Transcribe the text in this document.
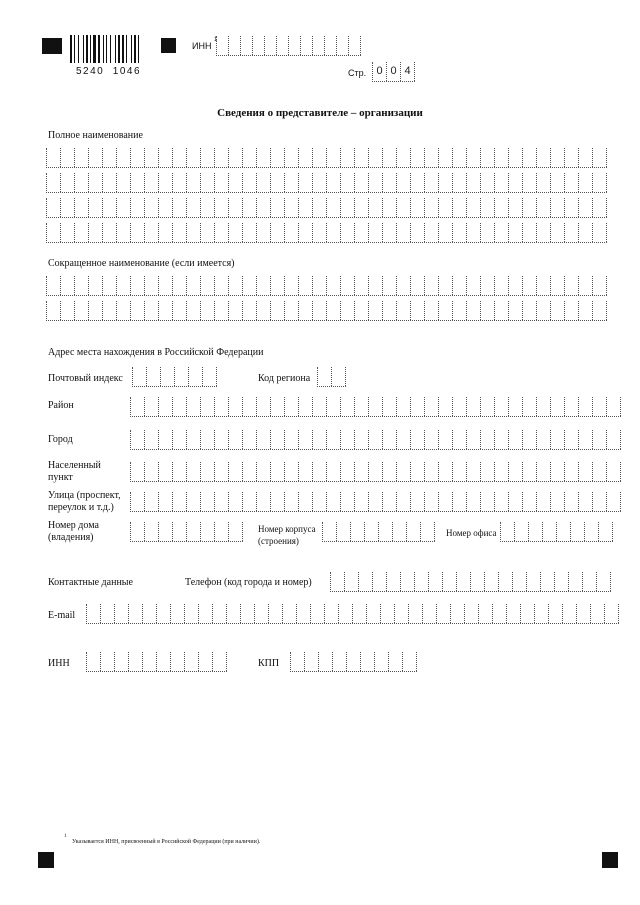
5240  1046
ИНН
1
Стр. 0 0 4
Сведения о представителе – организации
Полное наименование
Сокращенное наименование (если имеется)
Адрес места нахождения в Российской Федерации
Почтовый индекс	Код региона
Район
Город
Населенный
пункт
Улица (проспект,
переулок и т.д.)
Номер дома
(владения)
Номер корпуса
(строения)
Номер офиса
Контактные данные	Телефон (код города и номер)
E-mail
ИНН	КПП
1
Указывается ИНН, присвоенный в Российской Федерации (при наличии).
